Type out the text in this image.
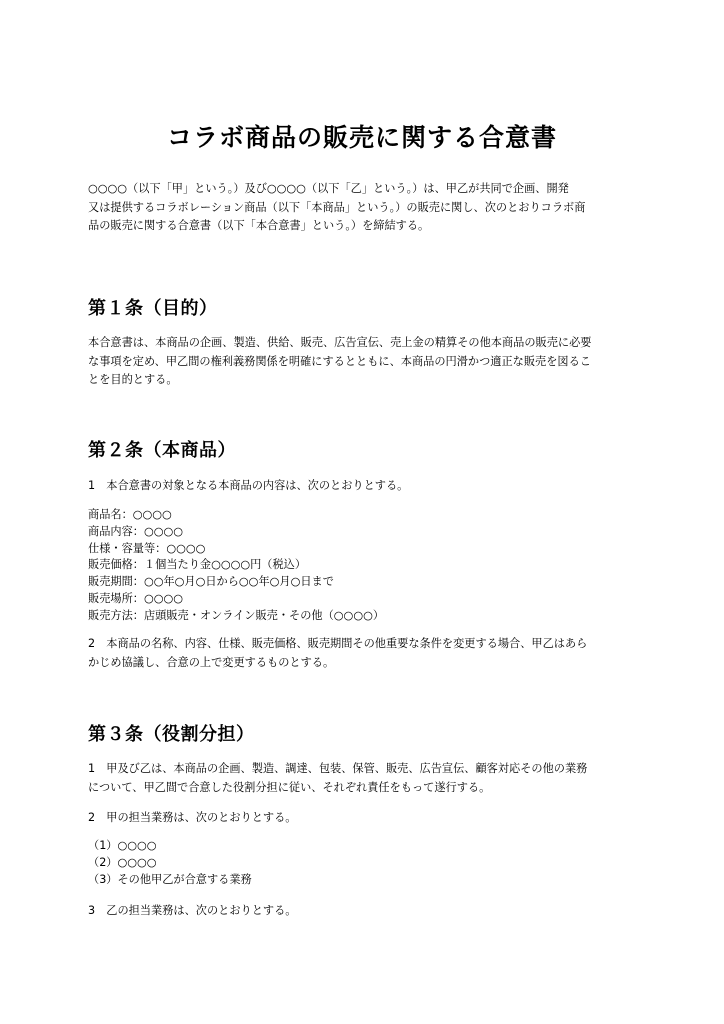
コラボ商品の販売に関する合意書

○○○○（以下「甲」という。）及び○○○○（以下「乙」という。）は、甲乙が共同で企画、開発
又は提供するコラボレーション商品（以下「本商品」という。）の販売に関し、次のとおりコラボ商
品の販売に関する合意書（以下「本合意書」という。）を締結する。

第１条（目的）

本合意書は、本商品の企画、製造、供給、販売、広告宣伝、売上金の精算その他本商品の販売に必要
な事項を定め、甲乙間の権利義務関係を明確にするとともに、本商品の円滑かつ適正な販売を図るこ
とを目的とする。

第２条（本商品）

1　本合意書の対象となる本商品の内容は、次のとおりとする。

商品名：○○○○
商品内容：○○○○
仕様・容量等：○○○○
販売価格：１個当たり金○○○○円（税込）
販売期間：○○年○月○日から○○年○月○日まで
販売場所：○○○○
販売方法：店頭販売・オンライン販売・その他（○○○○）

2　本商品の名称、内容、仕様、販売価格、販売期間その他重要な条件を変更する場合、甲乙はあら
かじめ協議し、合意の上で変更するものとする。

第３条（役割分担）

1　甲及び乙は、本商品の企画、製造、調達、包装、保管、販売、広告宣伝、顧客対応その他の業務
について、甲乙間で合意した役割分担に従い、それぞれ責任をもって遂行する。

2　甲の担当業務は、次のとおりとする。

（1）○○○○
（2）○○○○
（3）その他甲乙が合意する業務

3　乙の担当業務は、次のとおりとする。
